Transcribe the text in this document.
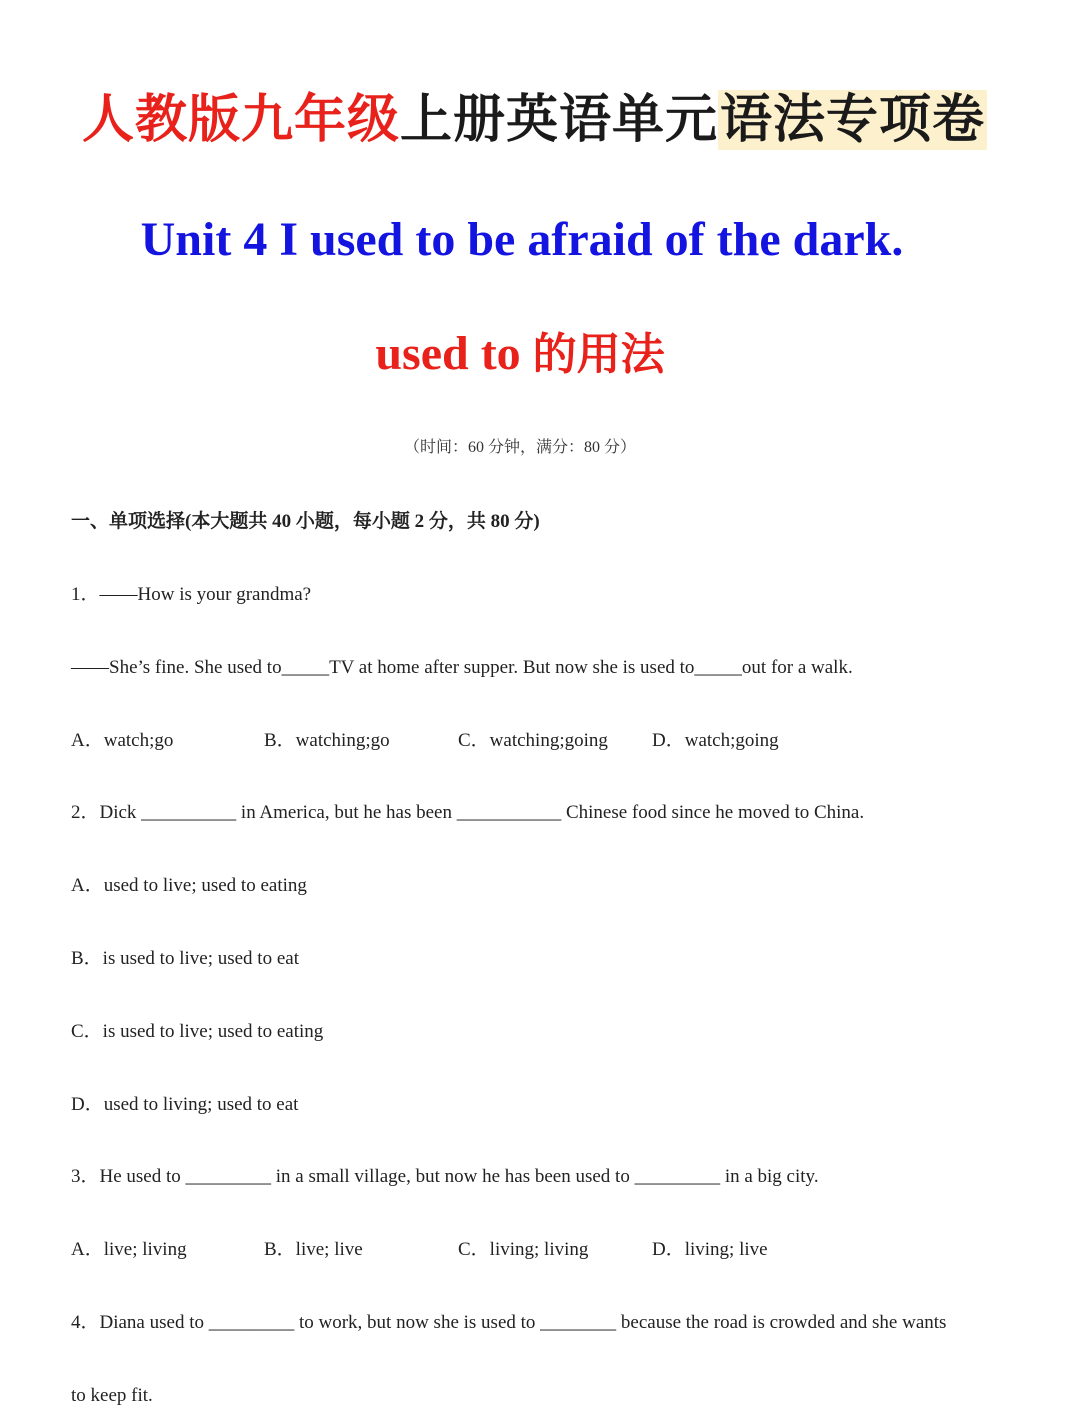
人教版九年级上册英语单元语法专项卷
Unit 4 I used to be afraid of the dark.
used to 的用法
（时间：60 分钟，满分：80 分）
一、单项选择(本大题共 40 小题，每小题 2 分，共 80 分)
1．——How is your grandma?
——She’s fine. She used to_____TV at home after supper. But now she is used to_____out for a walk.
A．watch;go	B．watching;go	C．watching;going D．watch;going
2．Dick __________ in America, but he has been ___________ Chinese food since he moved to China.
A．used to live; used to eating
B．is used to live; used to eat
C．is used to live; used to eating
D．used to living; used to eat
3．He used to _________ in a small village, but now he has been used to _________ in a big city.
A．live; living	B．live; live	C．living; living	D．living; live
4．Diana used to _________ to work, but now she is used to ________ because the road is crowded and she wants
to keep fit.
